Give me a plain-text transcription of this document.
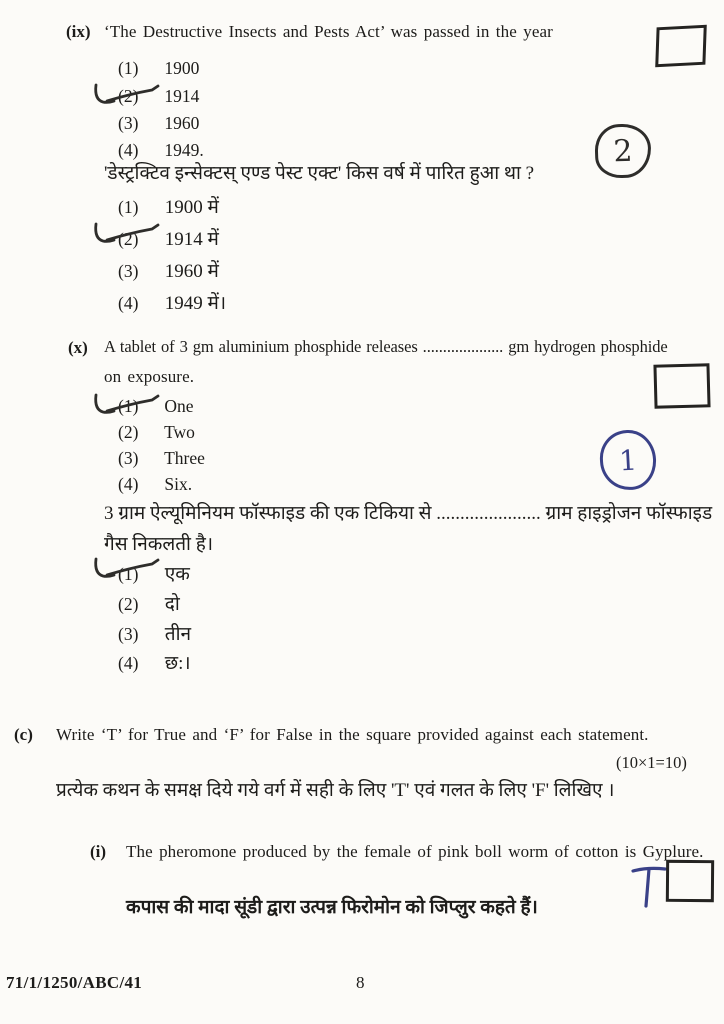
(ix) ‘The Destructive Insects and Pests Act’ was passed in the year
(1) 1900
(2) 1914
(3) 1960
(4) 1949.	2
'डेस्ट्रक्टिव इन्सेक्टस् एण्ड पेस्ट एक्ट' किस वर्ष में पारित हुआ था ?
(1) 1900 में
(2) 1914 में
(3) 1960 में
(4) 1949 में।
(x) A tablet of 3 gm aluminium phosphide releases .................... gm hydrogen phosphide
on exposure.
(1) One
(2) Two
(3) Three
(4) Six.
1
3 ग्राम ऐल्यूमिनियम फॉस्फाइड की एक टिकिया से ...................... ग्राम हाइड्रोजन फॉस्फाइड
गैस निकलती है।
(1) एक
(2) दो
(3) तीन
(4) छ:।
(c) Write ‘T’ for True and ‘F’ for False in the square provided against each statement.
(10×1=10)
प्रत्येक कथन के समक्ष दिये गये वर्ग में सही के लिए 'T' एवं गलत के लिए 'F' लिखिए ।
(i) The pheromone produced by the female of pink boll worm of cotton is Gyplure.
कपास की मादा सूंडी द्वारा उत्पन्न फिरोमोन को जिप्लुर कहते हैं।
71/1/1250/ABC/41	8
